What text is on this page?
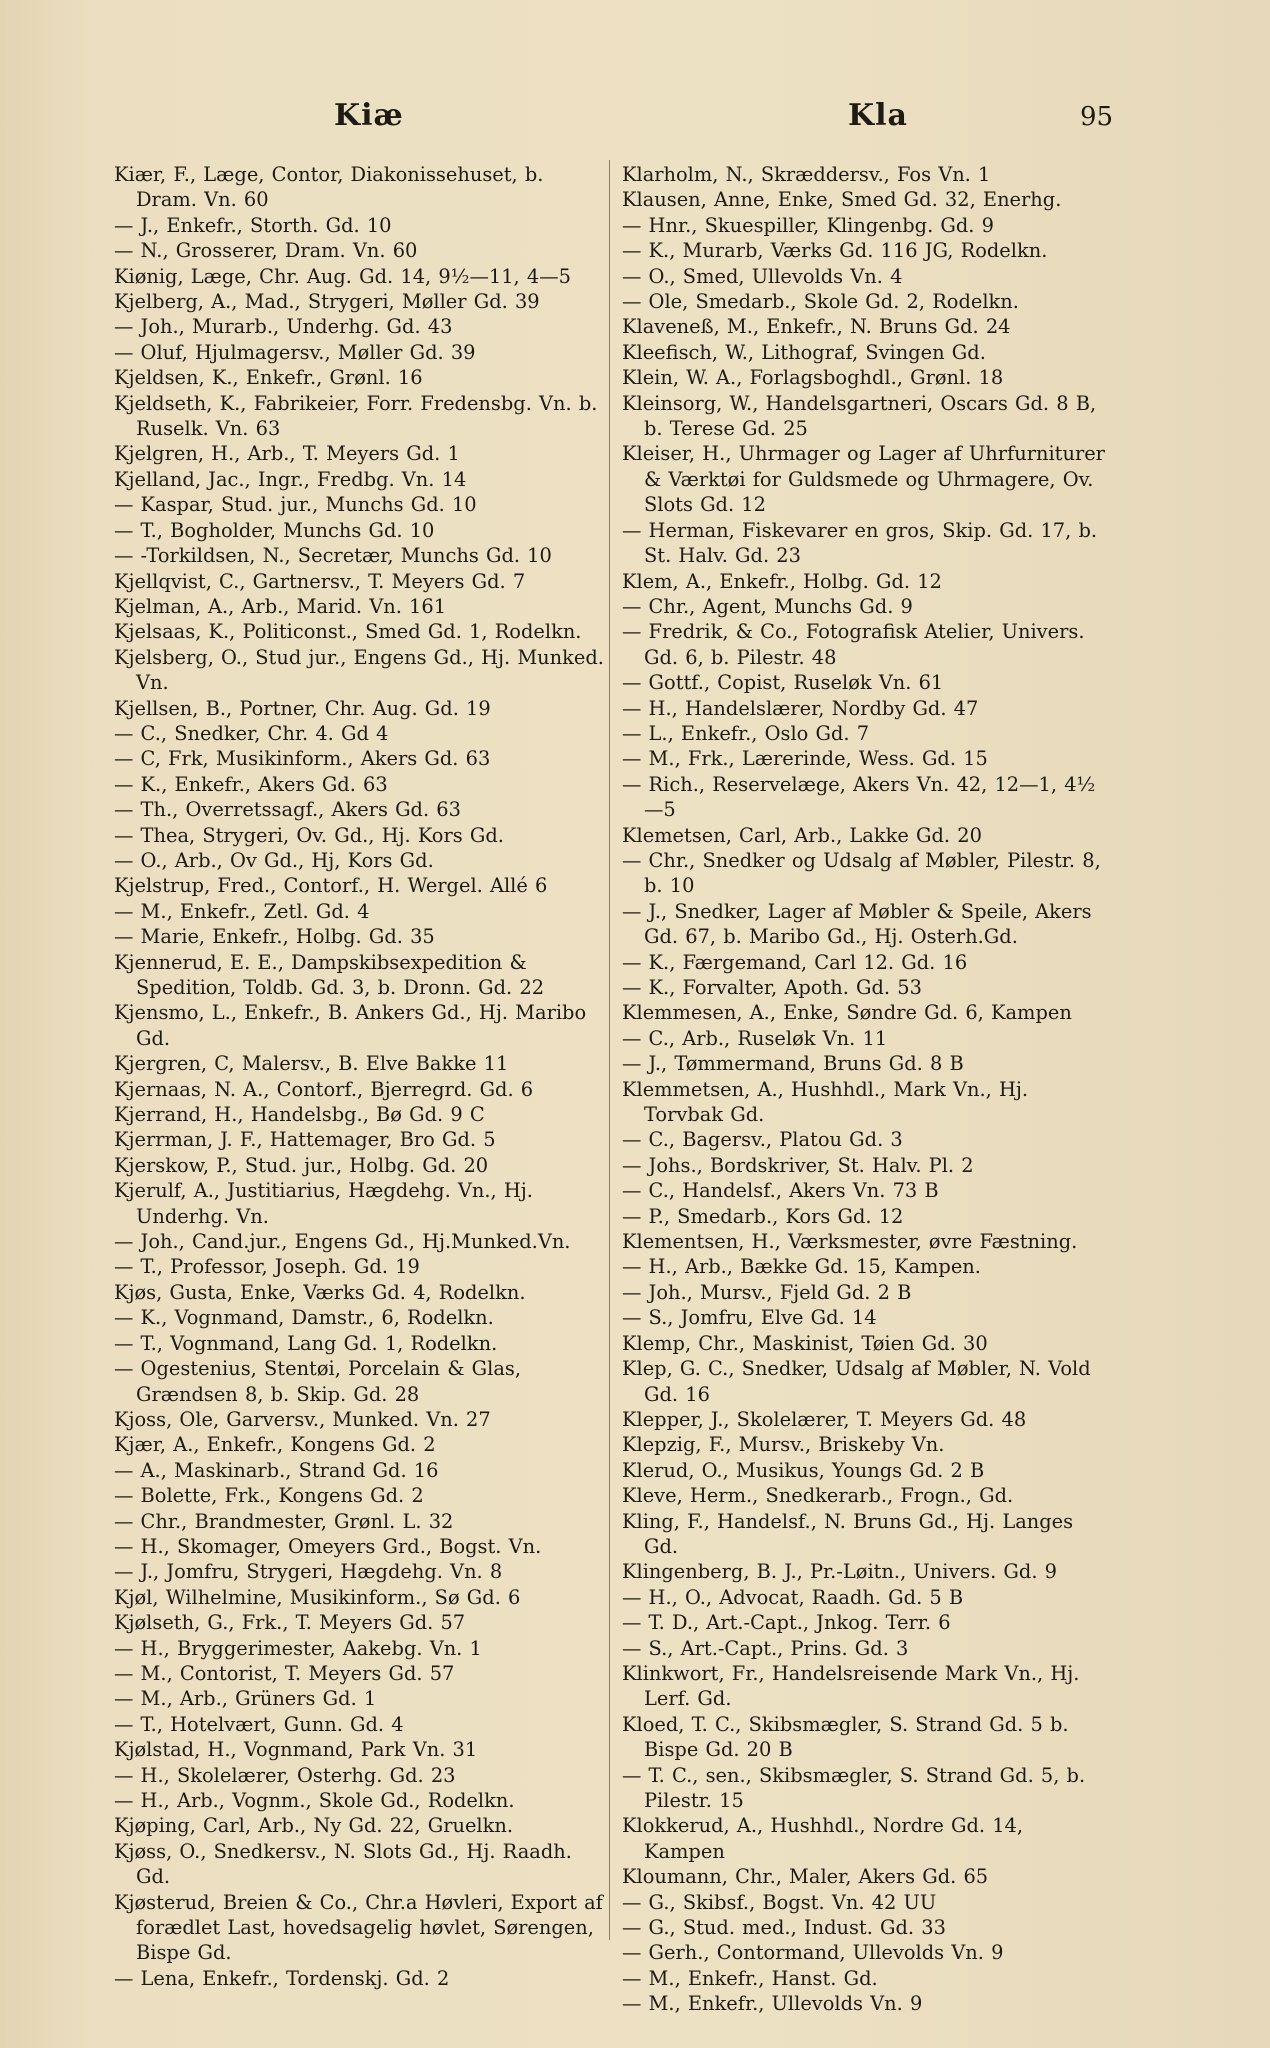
Kiæ	Kla	95

Kiær, F., Læge, Contor, Diakonissehuset, b. Dram. Vn. 60

— J., Enkefr., Storth. Gd. 10

— N., Grosserer, Dram. Vn. 60

Kiønig, Læge, Chr. Aug. Gd. 14, 9½—11, 4—5

Kjelberg, A., Mad., Strygeri, Møller Gd. 39

— Joh., Murarb., Underhg. Gd. 43

— Oluf, Hjulmagersv., Møller Gd. 39

Kjeldsen, K., Enkefr., Grønl. 16

Kjeldseth, K., Fabrikeier, Forr. Fredensbg. Vn. b. Ruselk. Vn. 63

Kjelgren, H., Arb., T. Meyers Gd. 1

Kjelland, Jac., Ingr., Fredbg. Vn. 14

— Kaspar, Stud. jur., Munchs Gd. 10

— T., Bogholder, Munchs Gd. 10

— -Torkildsen, N., Secretær, Munchs Gd. 10

Kjellqvist, C., Gartnersv., T. Meyers Gd. 7

Kjelman, A., Arb., Marid. Vn. 161

Kjelsaas, K., Politiconst., Smed Gd. 1, Rodelkn.

Kjelsberg, O., Stud jur., Engens Gd., Hj. Munked. Vn.

Kjellsen, B., Portner, Chr. Aug. Gd. 19

— C., Snedker, Chr. 4. Gd 4

— C, Frk, Musikinform., Akers Gd. 63

— K., Enkefr., Akers Gd. 63

— Th., Overretssagf., Akers Gd. 63

— Thea, Strygeri, Ov. Gd., Hj. Kors Gd.

— O., Arb., Ov Gd., Hj, Kors Gd.

Kjelstrup, Fred., Contorf., H. Wergel. Allé 6

— M., Enkefr., Zetl. Gd. 4

— Marie, Enkefr., Holbg. Gd. 35

Kjennerud, E. E., Dampskibsexpedition & Spedition, Toldb. Gd. 3, b. Dronn. Gd. 22

Kjensmo, L., Enkefr., B. Ankers Gd., Hj. Maribo Gd.

Kjergren, C, Malersv., B. Elve Bakke 11

Kjernaas, N. A., Contorf., Bjerregrd. Gd. 6

Kjerrand, H., Handelsbg., Bø Gd. 9 C

Kjerrman, J. F., Hattemager, Bro Gd. 5

Kjerskow, P., Stud. jur., Holbg. Gd. 20

Kjerulf, A., Justitiarius, Hægdehg. Vn., Hj. Underhg. Vn.

— Joh., Cand.jur., Engens Gd., Hj.Munked.Vn.

— T., Professor, Joseph. Gd. 19

Kjøs, Gusta, Enke, Værks Gd. 4, Rodelkn.

— K., Vognmand, Damstr., 6, Rodelkn.

— T., Vognmand, Lang Gd. 1, Rodelkn.

— Ogestenius, Stentøi, Porcelain & Glas, Grændsen 8, b. Skip. Gd. 28

Kjoss, Ole, Garversv., Munked. Vn. 27

Kjær, A., Enkefr., Kongens Gd. 2

— A., Maskinarb., Strand Gd. 16

— Bolette, Frk., Kongens Gd. 2

— Chr., Brandmester, Grønl. L. 32

— H., Skomager, Omeyers Grd., Bogst. Vn.

— J., Jomfru, Strygeri, Hægdehg. Vn. 8

Kjøl, Wilhelmine, Musikinform., Sø Gd. 6

Kjølseth, G., Frk., T. Meyers Gd. 57

— H., Bryggerimester, Aakebg. Vn. 1

— M., Contorist, T. Meyers Gd. 57

— M., Arb., Grüners Gd. 1

— T., Hotelvært, Gunn. Gd. 4

Kjølstad, H., Vognmand, Park Vn. 31

— H., Skolelærer, Osterhg. Gd. 23

— H., Arb., Vognm., Skole Gd., Rodelkn.

Kjøping, Carl, Arb., Ny Gd. 22, Gruelkn.

Kjøss, O., Snedkersv., N. Slots Gd., Hj. Raadh. Gd.

Kjøsterud, Breien & Co., Chr.a Høvleri, Export af forædlet Last, hovedsagelig høvlet, Sørengen, Bispe Gd.

— Lena, Enkefr., Tordenskj. Gd. 2

Klarholm, N., Skræddersv., Fos Vn. 1

Klausen, Anne, Enke, Smed Gd. 32, Enerhg.

— Hnr., Skuespiller, Klingenbg. Gd. 9

— K., Murarb, Værks Gd. 116 JG, Rodelkn.

— O., Smed, Ullevolds Vn. 4

— Ole, Smedarb., Skole Gd. 2, Rodelkn.

Klaveneß, M., Enkefr., N. Bruns Gd. 24

Kleefisch, W., Lithograf, Svingen Gd.

Klein, W. A., Forlagsboghdl., Grønl. 18

Kleinsorg, W., Handelsgartneri, Oscars Gd. 8 B, b. Terese Gd. 25

Kleiser, H., Uhrmager og Lager af Uhrfurniturer & Værktøi for Guldsmede og Uhrmagere, Ov. Slots Gd. 12

— Herman, Fiskevarer en gros, Skip. Gd. 17, b. St. Halv. Gd. 23

Klem, A., Enkefr., Holbg. Gd. 12

— Chr., Agent, Munchs Gd. 9

— Fredrik, & Co., Fotografisk Atelier, Univers. Gd. 6, b. Pilestr. 48

— Gottf., Copist, Ruseløk Vn. 61

— H., Handelslærer, Nordby Gd. 47

— L., Enkefr., Oslo Gd. 7

— M., Frk., Lærerinde, Wess. Gd. 15

— Rich., Reservelæge, Akers Vn. 42, 12—1, 4½—5

Klemetsen, Carl, Arb., Lakke Gd. 20

— Chr., Snedker og Udsalg af Møbler, Pilestr. 8, b. 10

— J., Snedker, Lager af Møbler & Speile, Akers Gd. 67, b. Maribo Gd., Hj. Osterh.Gd.

— K., Færgemand, Carl 12. Gd. 16

— K., Forvalter, Apoth. Gd. 53

Klemmesen, A., Enke, Søndre Gd. 6, Kampen

— C., Arb., Ruseløk Vn. 11

— J., Tømmermand, Bruns Gd. 8 B

Klemmetsen, A., Hushhdl., Mark Vn., Hj. Torvbak Gd.

— C., Bagersv., Platou Gd. 3

— Johs., Bordskriver, St. Halv. Pl. 2

— C., Handelsf., Akers Vn. 73 B

— P., Smedarb., Kors Gd. 12

Klementsen, H., Værksmester, øvre Fæstning.

— H., Arb., Bække Gd. 15, Kampen.

— Joh., Mursv., Fjeld Gd. 2 B

— S., Jomfru, Elve Gd. 14

Klemp, Chr., Maskinist, Tøien Gd. 30

Klep, G. C., Snedker, Udsalg af Møbler, N. Vold Gd. 16

Klepper, J., Skolelærer, T. Meyers Gd. 48

Klepzig, F., Mursv., Briskeby Vn.

Klerud, O., Musikus, Youngs Gd. 2 B

Kleve, Herm., Snedkerarb., Frogn., Gd.

Kling, F., Handelsf., N. Bruns Gd., Hj. Langes Gd.

Klingenberg, B. J., Pr.-Løitn., Univers. Gd. 9

— H., O., Advocat, Raadh. Gd. 5 B

— T. D., Art.-Capt., Jnkog. Terr. 6

— S., Art.-Capt., Prins. Gd. 3

Klinkwort, Fr., Handelsreisende Mark Vn., Hj. Lerf. Gd.

Kloed, T. C., Skibsmægler, S. Strand Gd. 5 b. Bispe Gd. 20 B

— T. C., sen., Skibsmægler, S. Strand Gd. 5, b. Pilestr. 15

Klokkerud, A., Hushhdl., Nordre Gd. 14, Kampen

Kloumann, Chr., Maler, Akers Gd. 65

— G., Skibsf., Bogst. Vn. 42 UU

— G., Stud. med., Indust. Gd. 33

— Gerh., Contormand, Ullevolds Vn. 9

— M., Enkefr., Hanst. Gd.

— M., Enkefr., Ullevolds Vn. 9
